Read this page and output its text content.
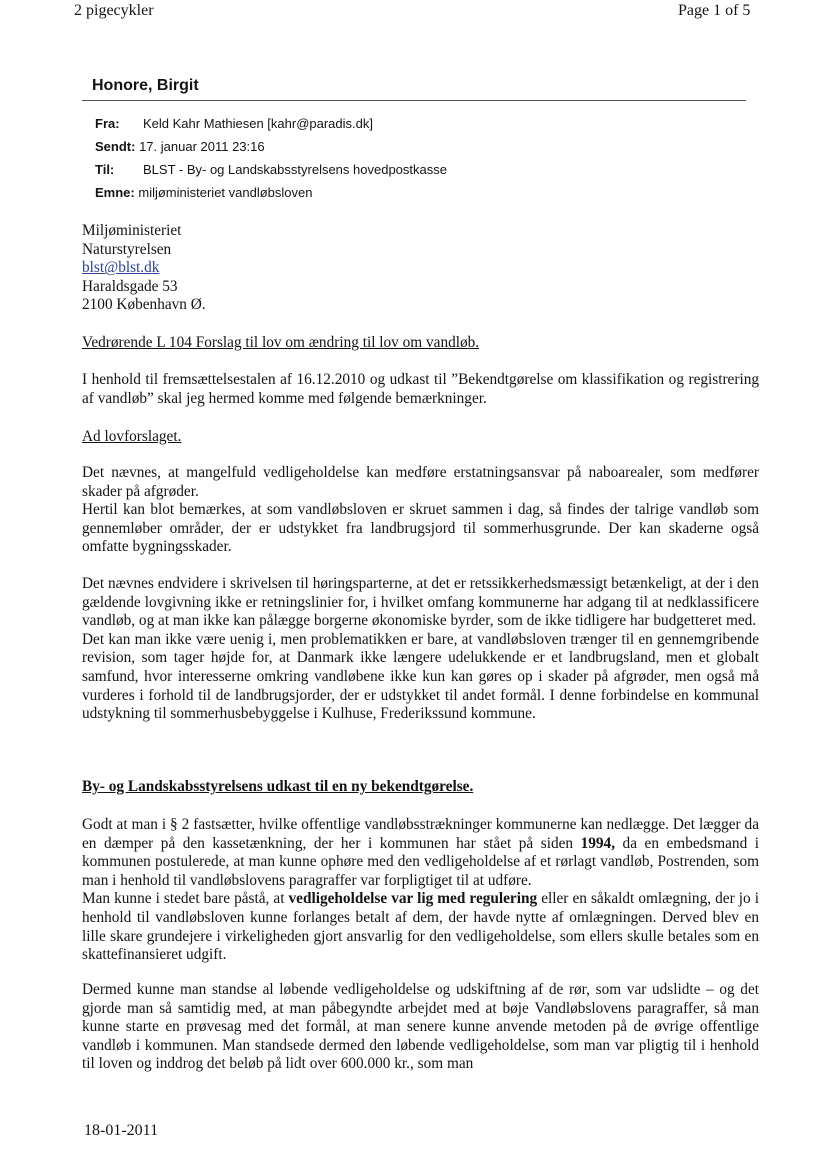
2 pigecykler	Page 1 of 5
Honore, Birgit
Fra: Keld Kahr Mathiesen [kahr@paradis.dk]
Sendt: 17. januar 2011 23:16
Til: BLST - By- og Landskabsstyrelsens hovedpostkasse
Emne: miljøministeriet vandløbsloven
Miljøministeriet
Naturstyrelsen
blst@blst.dk
Haraldsgade 53
2100 København Ø.
Vedrørende L 104 Forslag til lov om ændring til lov om vandløb.
I henhold til fremsættelsestalen af 16.12.2010 og udkast til ”Bekendtgørelse om klassifikation og registrering af vandløb” skal jeg hermed komme med følgende bemærkninger.
Ad lovforslaget.

Det nævnes, at mangelfuld vedligeholdelse kan medføre erstatningsansvar på naboarealer, som medfører skader på afgrøder.

Hertil kan blot bemærkes, at som vandløbsloven er skruet sammen i dag, så findes der talrige vandløb som gennemløber områder, der er udstykket fra landbrugsjord til sommerhusgrunde. Der kan skaderne også omfatte bygningsskader.

Det nævnes endvidere i skrivelsen til høringsparterne, at det er retssikkerhedsmæssigt betænkeligt, at der i den gældende lovgivning ikke er retningslinier for, i hvilket omfang kommunerne har adgang til at nedklassificere vandløb, og at man ikke kan pålægge borgerne økonomiske byrder, som de ikke tidligere har budgetteret med.

Det kan man ikke være uenig i, men problematikken er bare, at vandløbsloven trænger til en gennemgribende revision, som tager højde for, at Danmark ikke længere udelukkende er et landbrugsland, men et globalt samfund, hvor interesserne omkring vandløbene ikke kun kan gøres op i skader på afgrøder, men også må vurderes i forhold til de landbrugsjorder, der er udstykket til andet formål. I denne forbindelse en kommunal udstykning til sommerhusbebyggelse i Kulhuse, Frederikssund kommune.

By- og Landskabsstyrelsens udkast til en ny bekendtgørelse.

Godt at man i § 2 fastsætter, hvilke offentlige vandløbsstrækninger kommunerne kan nedlægge. Det lægger da en dæmper på den kassetænkning, der her i kommunen har stået på siden 1994, da en embedsmand i kommunen postulerede, at man kunne ophøre med den vedligeholdelse af et rørlagt vandløb, Postrenden, som man i henhold til vandløbslovens paragraffer var forpligtiget til at udføre.

Man kunne i stedet bare påstå, at vedligeholdelse var lig med regulering eller en såkaldt omlægning, der jo i henhold til vandløbsloven kunne forlanges betalt af dem, der havde nytte af omlægningen. Derved blev en lille skare grundejere i virkeligheden gjort ansvarlig for den vedligeholdelse, som ellers skulle betales som en skattefinansieret udgift.

Dermed kunne man standse al løbende vedligeholdelse og udskiftning af de rør, som var udslidte – og det gjorde man så samtidig med, at man påbegyndte arbejdet med at bøje Vandløbslovens paragraffer, så man kunne starte en prøvesag med det formål, at man senere kunne anvende metoden på de øvrige offentlige vandløb i kommunen. Man standsede dermed den løbende vedligeholdelse, som man var pligtig til i henhold til loven og inddrog det beløb på lidt over 600.000 kr., som man
18-01-2011
